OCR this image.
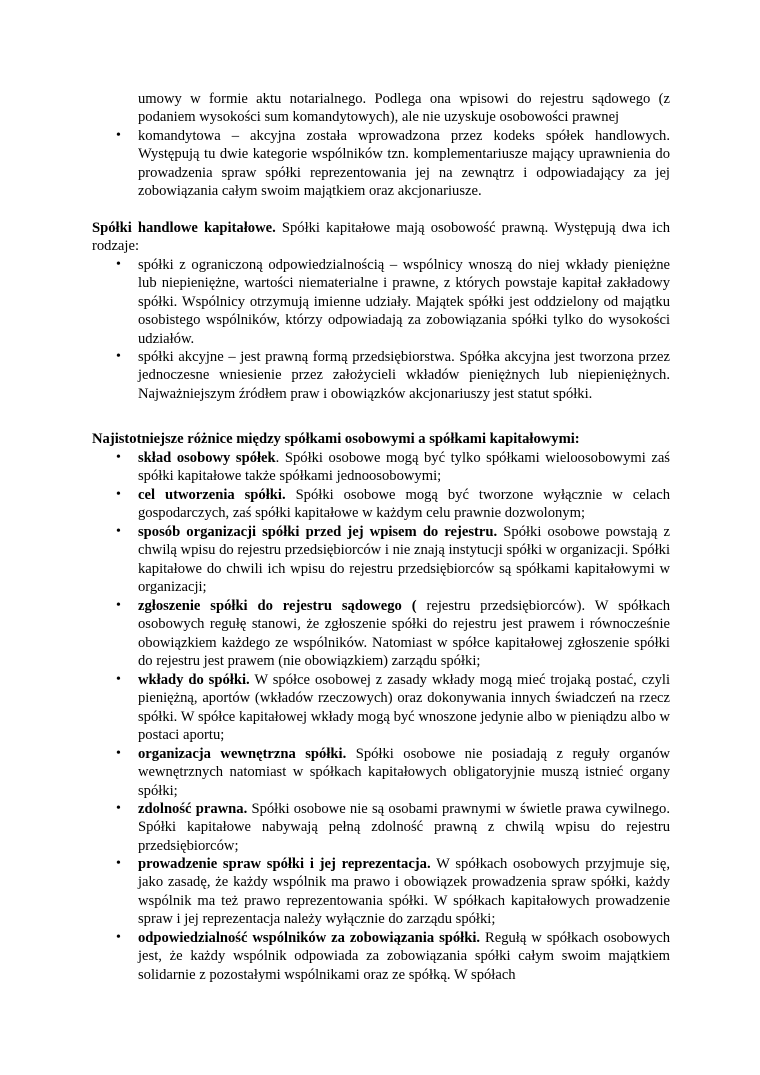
umowy w formie aktu notarialnego. Podlega ona wpisowi do rejestru sądowego (z podaniem wysokości sum komandytowych), ale nie uzyskuje osobowości prawnej
•	komandytowa – akcyjna została wprowadzona przez kodeks spółek handlowych. Występują tu dwie kategorie wspólników tzn. komplementariusze mający uprawnienia do prowadzenia spraw spółki reprezentowania jej na zewnątrz i odpowiadający za jej zobowiązania całym swoim majątkiem oraz akcjonariusze.
Spółki handlowe kapitałowe. Spółki kapitałowe mają osobowość prawną. Występują dwa ich rodzaje:
•	spółki z ograniczoną odpowiedzialnością – wspólnicy wnoszą do niej wkłady pieniężne lub niepieniężne, wartości niematerialne i prawne, z których powstaje kapitał zakładowy spółki. Wspólnicy otrzymują imienne udziały. Majątek spółki jest oddzielony od majątku osobistego wspólników, którzy odpowiadają za zobowiązania spółki tylko do wysokości udziałów.
•	spółki akcyjne – jest prawną formą przedsiębiorstwa. Spółka akcyjna jest tworzona przez jednoczesne wniesienie przez założycieli wkładów pieniężnych lub niepieniężnych. Najważniejszym źródłem praw i obowiązków akcjonariuszy jest statut spółki.
Najistotniejsze różnice między spółkami osobowymi a spółkami kapitałowymi:
•	skład osobowy spółek. Spółki osobowe mogą być tylko spółkami wieloosobowymi zaś spółki kapitałowe także spółkami jednoosobowymi;
•	cel utworzenia spółki. Spółki osobowe mogą być tworzone wyłącznie w celach gospodarczych, zaś spółki kapitałowe w każdym celu prawnie dozwolonym;
•	sposób organizacji spółki przed jej wpisem do rejestru. Spółki osobowe powstają z chwilą wpisu do rejestru przedsiębiorców i nie znają instytucji spółki w organizacji. Spółki kapitałowe do chwili ich wpisu do rejestru przedsiębiorców są spółkami kapitałowymi w organizacji;
•	zgłoszenie spółki do rejestru sądowego ( rejestru przedsiębiorców). W spółkach osobowych regułę stanowi, że zgłoszenie spółki do rejestru jest prawem i równocześnie obowiązkiem każdego ze wspólników. Natomiast w spółce kapitałowej zgłoszenie spółki do rejestru jest prawem (nie obowiązkiem) zarządu spółki;
•	wkłady do spółki. W spółce osobowej z zasady wkłady mogą mieć trojaką postać, czyli pieniężną, aportów (wkładów rzeczowych) oraz dokonywania innych świadczeń na rzecz spółki. W spółce kapitałowej wkłady mogą być wnoszone jedynie albo w pieniądzu albo w postaci aportu;
•	organizacja wewnętrzna spółki. Spółki osobowe nie posiadają z reguły organów wewnętrznych natomiast w spółkach kapitałowych obligatoryjnie muszą istnieć organy spółki;
•	zdolność prawna. Spółki osobowe nie są osobami prawnymi w świetle prawa cywilnego. Spółki kapitałowe nabywają pełną zdolność prawną z chwilą wpisu do rejestru przedsiębiorców;
•	prowadzenie spraw spółki i jej reprezentacja. W spółkach osobowych przyjmuje się, jako zasadę, że każdy wspólnik ma prawo i obowiązek prowadzenia spraw spółki, każdy wspólnik ma też prawo reprezentowania spółki. W spółkach kapitałowych prowadzenie spraw i jej reprezentacja należy wyłącznie do zarządu spółki;
•	odpowiedzialność wspólników za zobowiązania spółki. Regułą w spółkach osobowych jest, że każdy wspólnik odpowiada za zobowiązania spółki całym swoim majątkiem solidarnie z pozostałymi wspólnikami oraz ze spółką. W spółach
